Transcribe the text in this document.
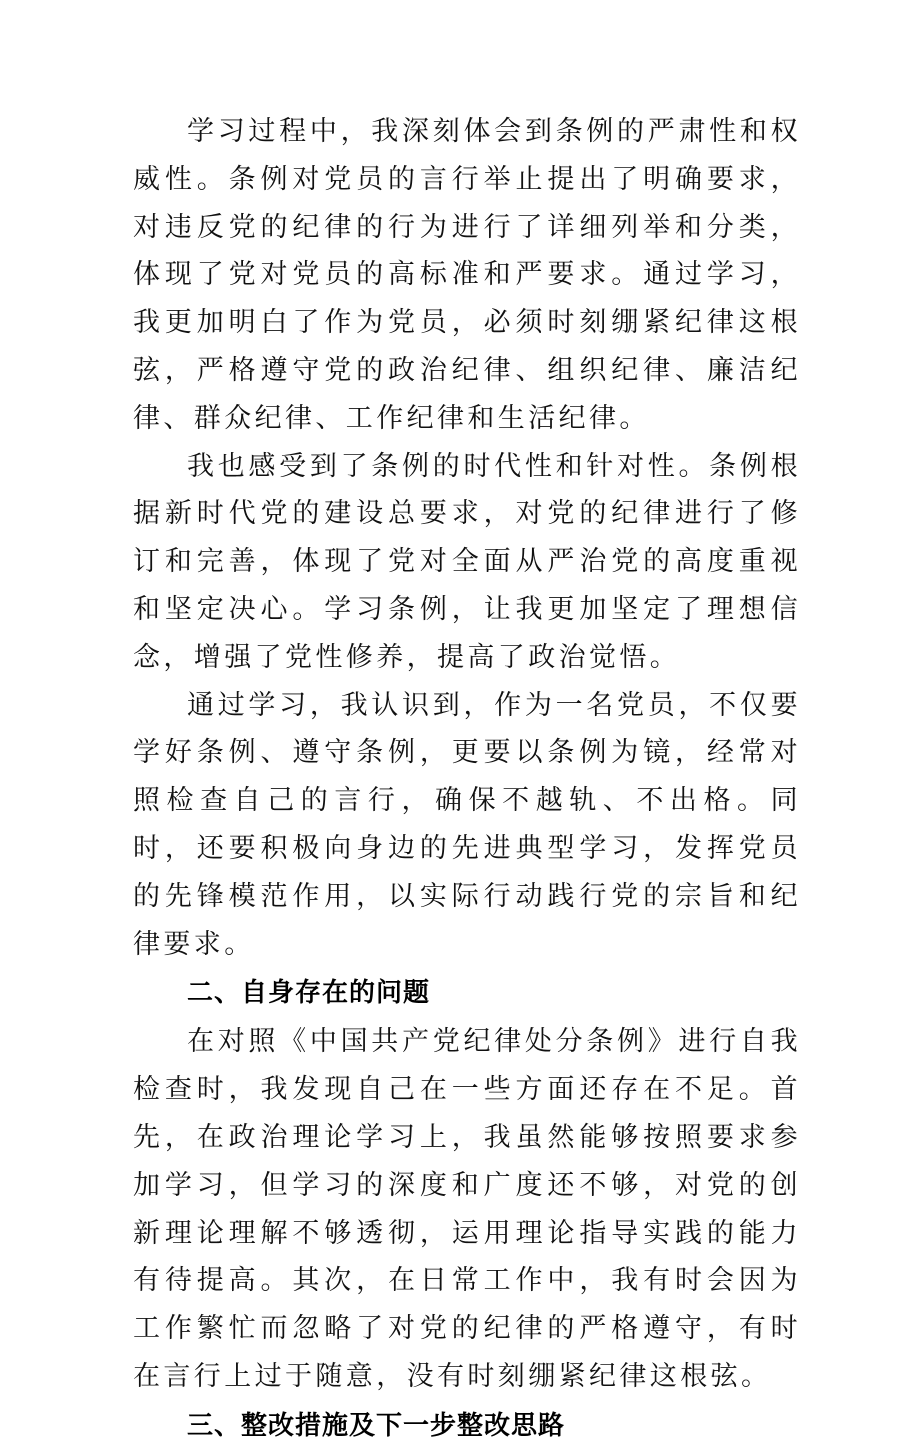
学习过程中，我深刻体会到条例的严肃性和权威性。条例对党员的言行举止提出了明确要求，对违反党的纪律的行为进行了详细列举和分类，体现了党对党员的高标准和严要求。通过学习，我更加明白了作为党员，必须时刻绷紧纪律这根弦，严格遵守党的政治纪律、组织纪律、廉洁纪律、群众纪律、工作纪律和生活纪律。

我也感受到了条例的时代性和针对性。条例根据新时代党的建设总要求，对党的纪律进行了修订和完善，体现了党对全面从严治党的高度重视和坚定决心。学习条例，让我更加坚定了理想信念，增强了党性修养，提高了政治觉悟。

通过学习，我认识到，作为一名党员，不仅要学好条例、遵守条例，更要以条例为镜，经常对照检查自己的言行，确保不越轨、不出格。同时，还要积极向身边的先进典型学习，发挥党员的先锋模范作用，以实际行动践行党的宗旨和纪律要求。

二、自身存在的问题

在对照《中国共产党纪律处分条例》进行自我检查时，我发现自己在一些方面还存在不足。首先，在政治理论学习上，我虽然能够按照要求参加学习，但学习的深度和广度还不够，对党的创新理论理解不够透彻，运用理论指导实践的能力有待提高。其次，在日常工作中，我有时会因为工作繁忙而忽略了对党的纪律的严格遵守，有时在言行上过于随意，没有时刻绷紧纪律这根弦。

三、整改措施及下一步整改思路
